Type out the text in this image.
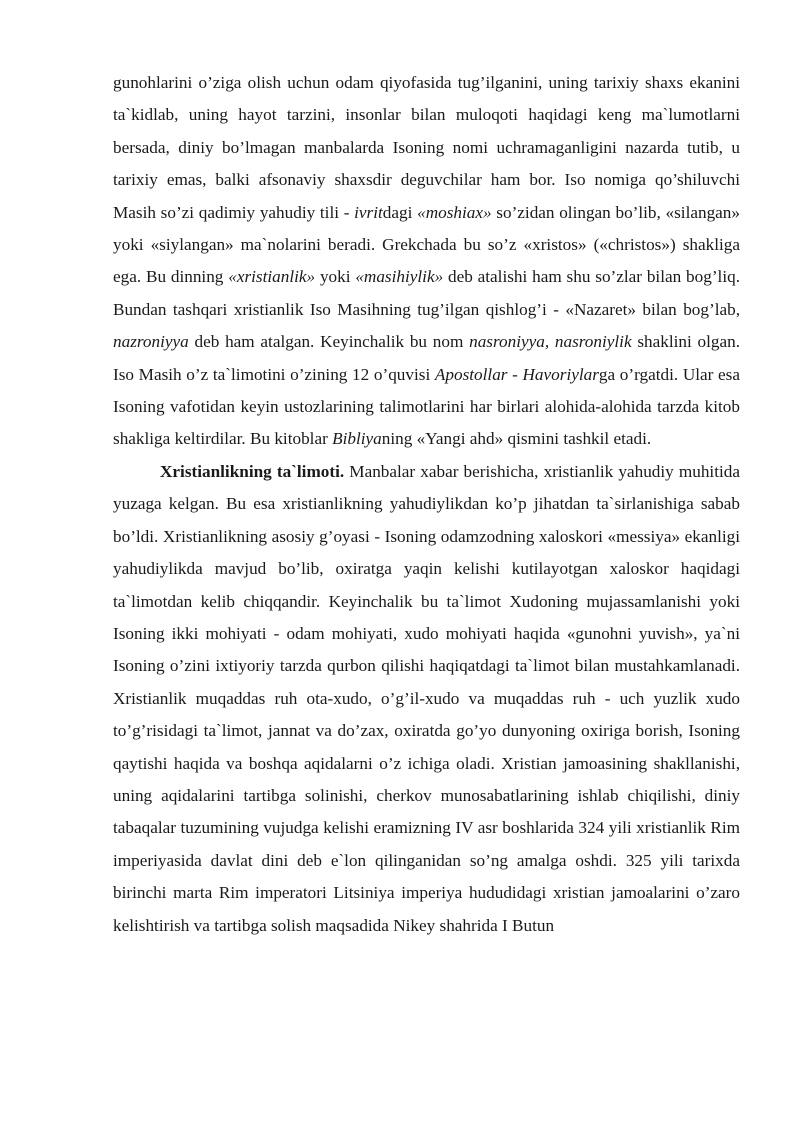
gunohlarini o’ziga olish uchun odam qiyofasida tug’ilganini, uning tarixiy shaxs ekanini ta`kidlab, uning hayot tarzini, insonlar bilan muloqoti haqidagi keng ma`lumotlarni bersada, diniy bo’lmagan manbalarda Isoning nomi uchramaganligini nazarda tutib, u tarixiy emas, balki afsonaviy shaxsdir deguvchilar ham bor. Iso nomiga qo’shiluvchi Masih so’zi qadimiy yahudiy tili - ivritdagi «moshiax» so’zidan olingan bo’lib, «silangan» yoki «siylangan» ma`nolarini beradi. Grekchada bu so’z «xristos» («christos») shakliga ega. Bu dinning «xristianlik» yoki «masihiylik» deb atalishi ham shu so’zlar bilan bog’liq. Bundan tashqari xristianlik Iso Masihning tug’ilgan qishlog’i - «Nazaret» bilan bog’lab, nazroniyya deb ham atalgan. Keyinchalik bu nom nasroniyya, nasroniylik shaklini olgan. Iso Masih o’z ta`limotini o’zining 12 o’quvisi Apostollar - Havoriylarga o’rgatdi. Ular esa Isoning vafotidan keyin ustozlarining talimotlarini har birlari alohida-alohida tarzda kitob shakliga keltirdilar. Bu kitoblar Bibliyaning «Yangi ahd» qismini tashkil etadi.

Xristianlikning ta`limoti. Manbalar xabar berishicha, xristianlik yahudiy muhitida yuzaga kelgan. Bu esa xristianlikning yahudiylikdan ko’p jihatdan ta`sirlanishiga sabab bo’ldi. Xristianlikning asosiy g’oyasi - Isoning odamzodning xaloskori «messiya» ekanligi yahudiylikda mavjud bo’lib, oxiratga yaqin kelishi kutilayotgan xaloskor haqidagi ta`limotdan kelib chiqqandir. Keyinchalik bu ta`limot Xudoning mujassamlanishi yoki Isoning ikki mohiyati - odam mohiyati, xudo mohiyati haqida «gunohni yuvish», ya`ni Isoning o’zini ixtiyoriy tarzda qurbon qilishi haqiqatdagi ta`limot bilan mustahkamlanadi. Xristianlik muqaddas ruh ota-xudo, o’g’il-xudo va muqaddas ruh - uch yuzlik xudo to’g’risidagi ta`limot, jannat va do’zax, oxiratda go’yo dunyoning oxiriga borish, Isoning qaytishi haqida va boshqa aqidalarni o’z ichiga oladi. Xristian jamoasining shakllanishi, uning aqidalarini tartibga solinishi, cherkov munosabatlarining ishlab chiqilishi, diniy tabaqalar tuzumining vujudga kelishi eramizning IV asr boshlarida 324 yili xristianlik Rim imperiyasida davlat dini deb e`lon qilinganidan so’ng amalga oshdi. 325 yili tarixda birinchi marta Rim imperatori Litsiniya imperiya hududidagi xristian jamoalarini o’zaro kelishtirish va tartibga solish maqsadida Nikey shahrida I Butun
